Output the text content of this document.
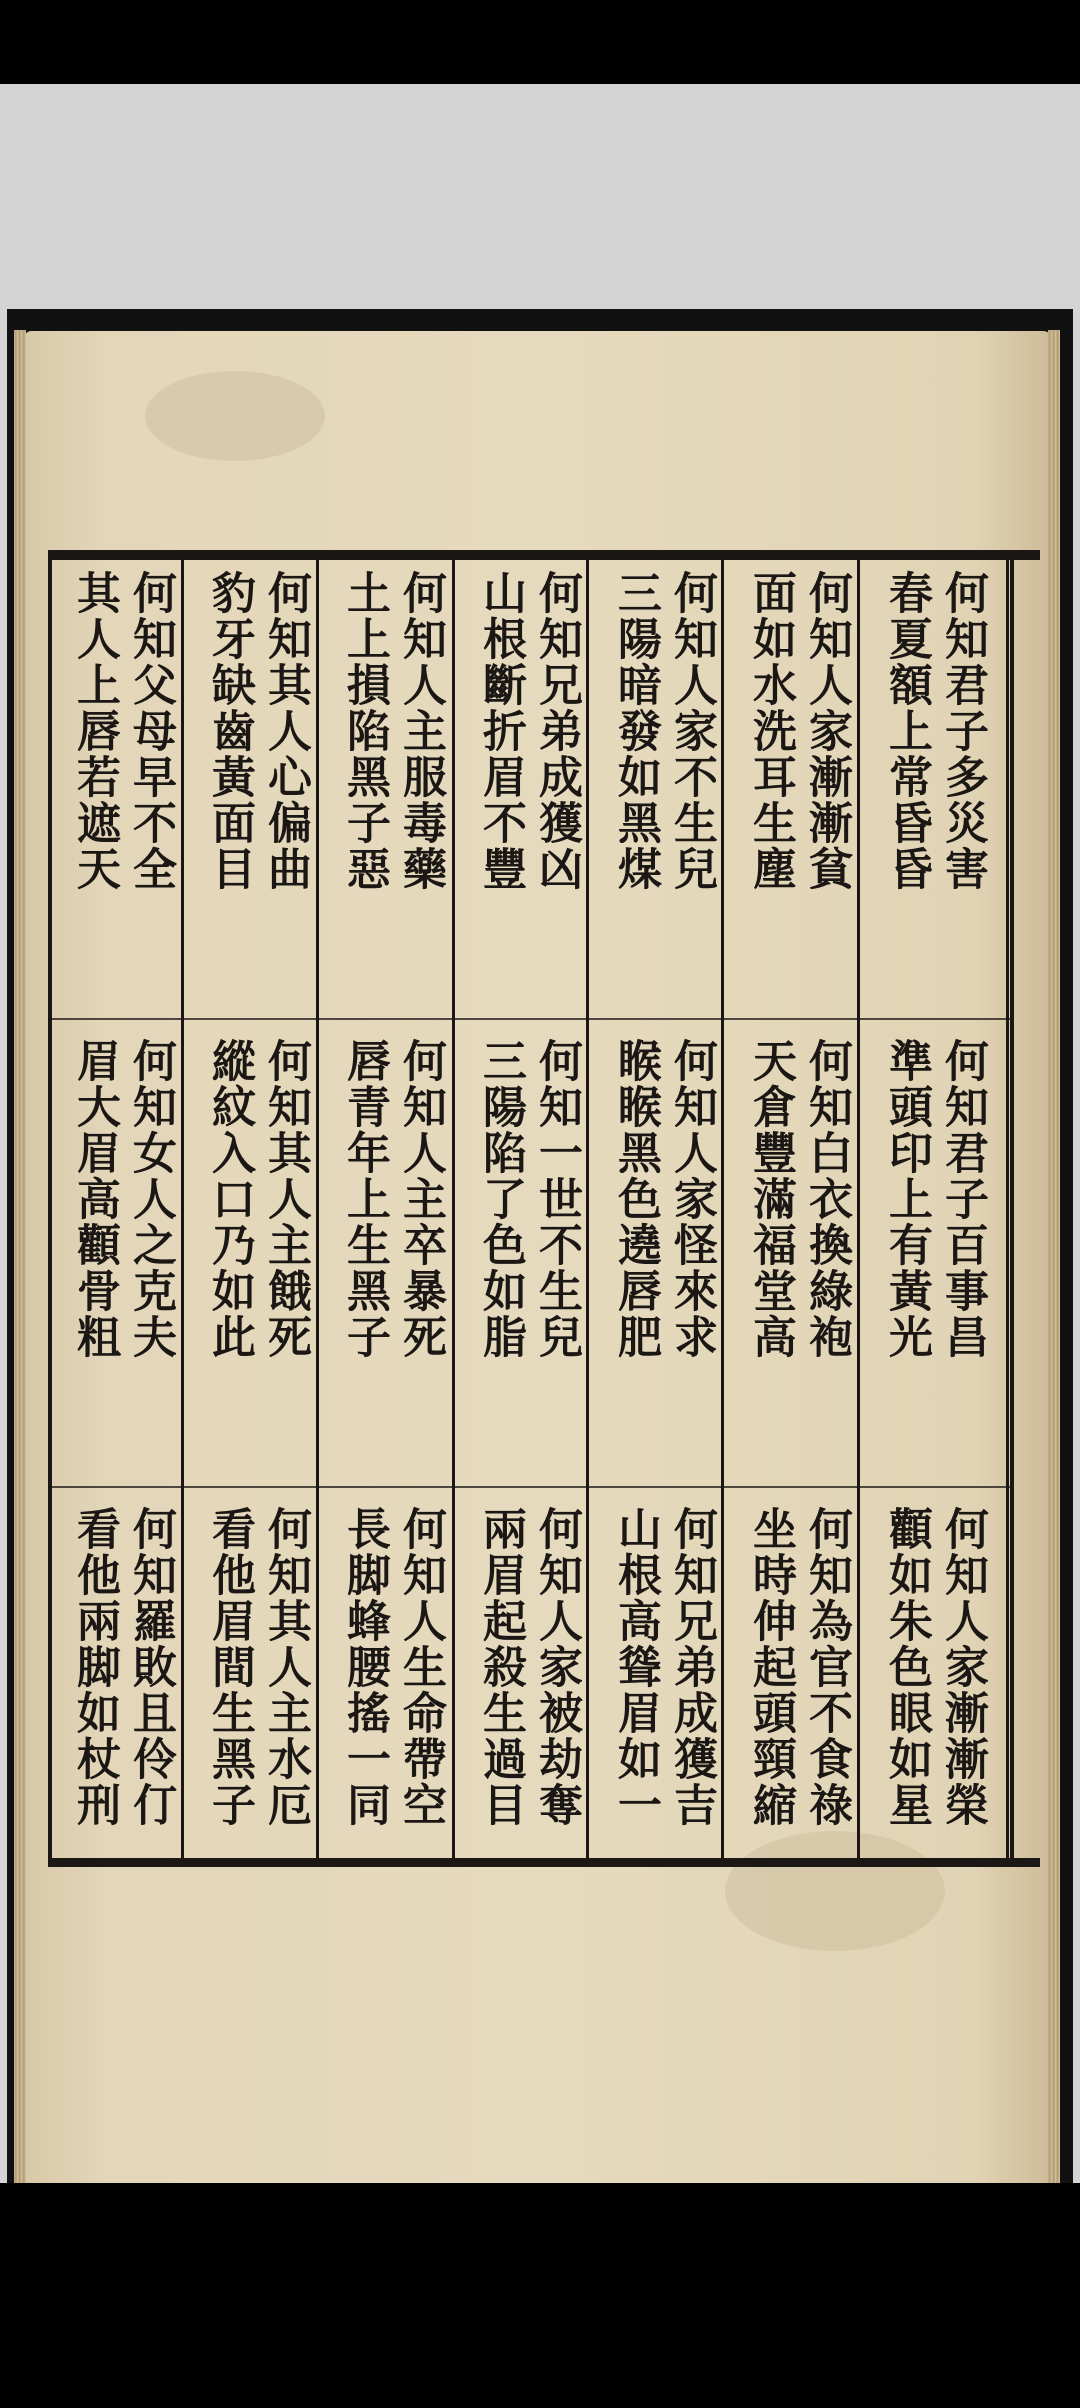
何知君子多災害
春夏額上常昏昏
何知君子百事昌
準頭印上有黃光
何知人家漸漸榮
顴如朱色眼如星
何知人家漸漸貧
面如水洗耳生塵
何知白衣換綠袍
天倉豐滿福堂高
何知為官不食祿
坐時伸起頭頸縮
何知人家不生兒
三陽暗發如黑煤
何知人家怪來求
睺睺黑色遶唇肥
何知兄弟成獲吉
山根高聳眉如一
何知兄弟成獲凶
山根斷折眉不豐
何知一世不生兒
三陽陷了色如脂
何知人家被劫奪
兩眉起殺生過目
何知人主服毒藥
土上損陷黑子惡
何知人主卒暴死
唇青年上生黑子
何知人生命帶空
長脚蜂腰搖一同
何知其人心偏曲
豹牙缺齒黃面目
何知其人主餓死
縱紋入口乃如此
何知其人主水厄
看他眉間生黑子
何知父母早不全
其人上唇若遮天
何知女人之克夫
眉大眉高顴骨粗
何知羅敗且伶仃
看他兩脚如杖刑
